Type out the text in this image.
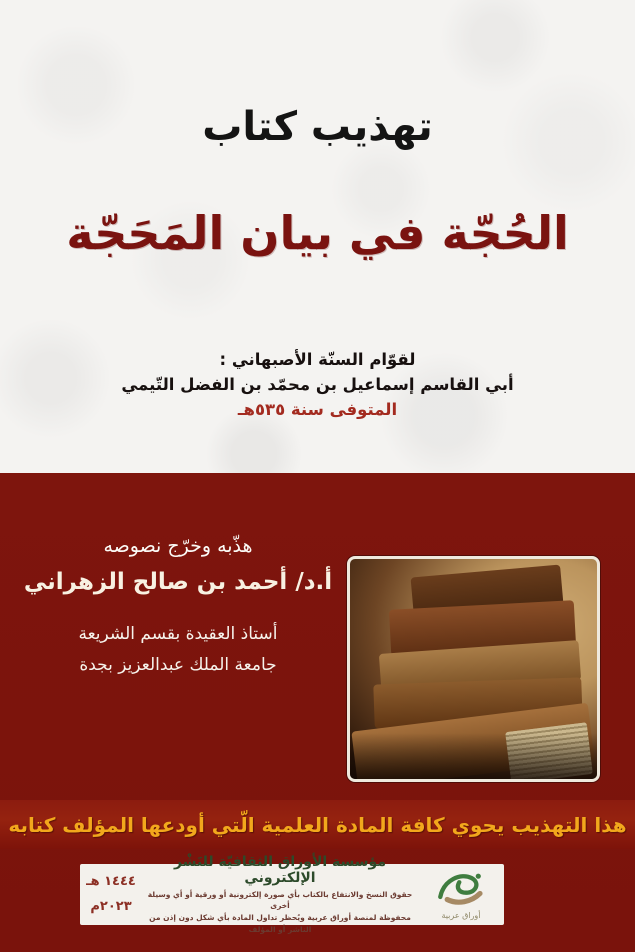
تهذيب كتاب
الحُجّة في بيان المَحَجّة
لقوّام السنّة الأصبهاني :
أبي القاسم إسماعيل بن محمّد بن الفضل التّيمي
المتوفى سنة ٥٣٥هـ
هذّبه وخرّج نصوصه
أ.د/ أحمد بن صالح الزهراني
أستاذ العقيدة بقسم الشريعة
جامعة الملك عبدالعزيز بجدة
هذا التهذيب يحوي كافة المادة العلمية الّتي أودعها المؤلف كتابه
أوراق عربية
مؤسسة الأوراق الثقافيّة للنَشْر الإلكتروني
حقوق النسخ والانتفاع بالكتاب بأي صورة إلكترونية أو ورقية أو أي وسيلة أخرى
محفوظة لمنصة أوراق عربية ويُحظر تداول المادة بأي شكل دون إذن من الناشر أو المؤلف
١٤٤٤ هـ
٢٠٢٣م
